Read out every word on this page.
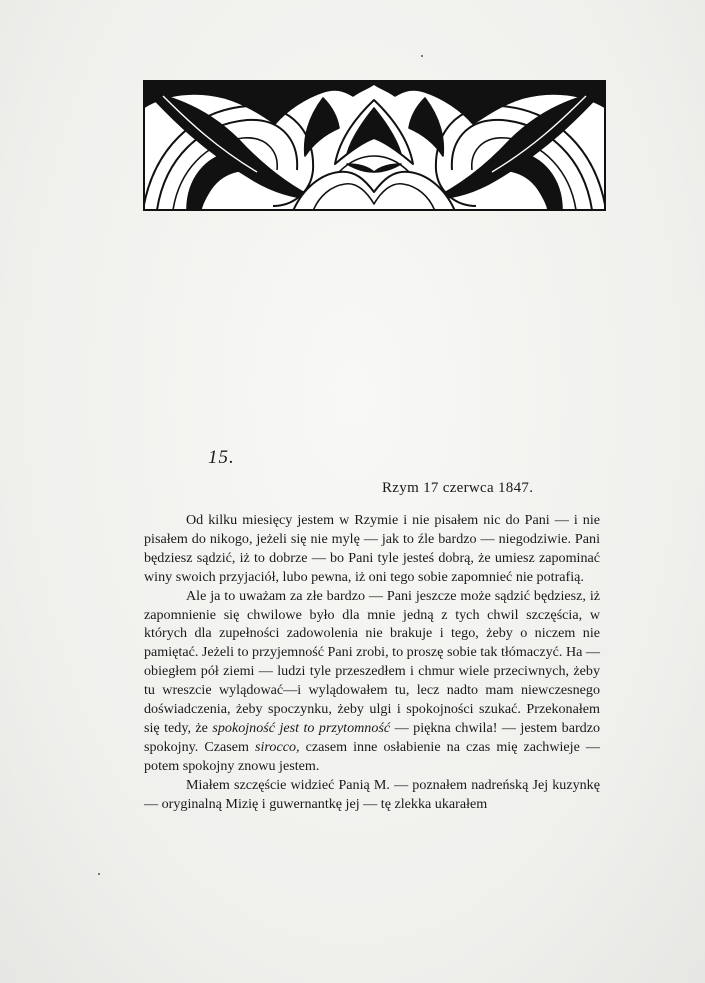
15.
Rzym 17 czerwca 1847.

Od kilku miesięcy jestem w Rzymie i nie pisałem nic do Pani — i nie pisałem do nikogo, jeżeli się nie mylę — jak to źle bardzo — niegodziwie. Pani będziesz sądzić, iż to dobrze — bo Pani tyle jesteś dobrą, że umiesz zapominać winy swoich przyjaciół, lubo pewna, iż oni tego sobie zapomnieć nie potrafią.

Ale ja to uważam za złe bardzo — Pani jeszcze może sądzić będziesz, iż zapomnienie się chwilowe było dla mnie jedną z tych chwil szczęścia, w których dla zupełności zadowolenia nie brakuje i tego, żeby o niczem nie pamiętać. Jeżeli to przyjemność Pani zrobi, to proszę sobie tak tłómaczyć. Ha — obiegłem pół ziemi — ludzi tyle przeszedłem i chmur wiele przeciwnych, żeby tu wreszcie wylądować—i wylądowałem tu, lecz nadto mam niewczesnego doświadczenia, żeby spoczynku, żeby ulgi i spokojności szukać. Przekonałem się tedy, że spokojność jest to przytomność — piękna chwila! — jestem bardzo spokojny. Czasem sirocco, czasem inne osłabienie na czas mię zachwieje — potem spokojny znowu jestem.

Miałem szczęście widzieć Panią M. — poznałem nadreńską Jej kuzynkę — oryginalną Mizię i guwernantkę jej — tę zlekka ukarałem
